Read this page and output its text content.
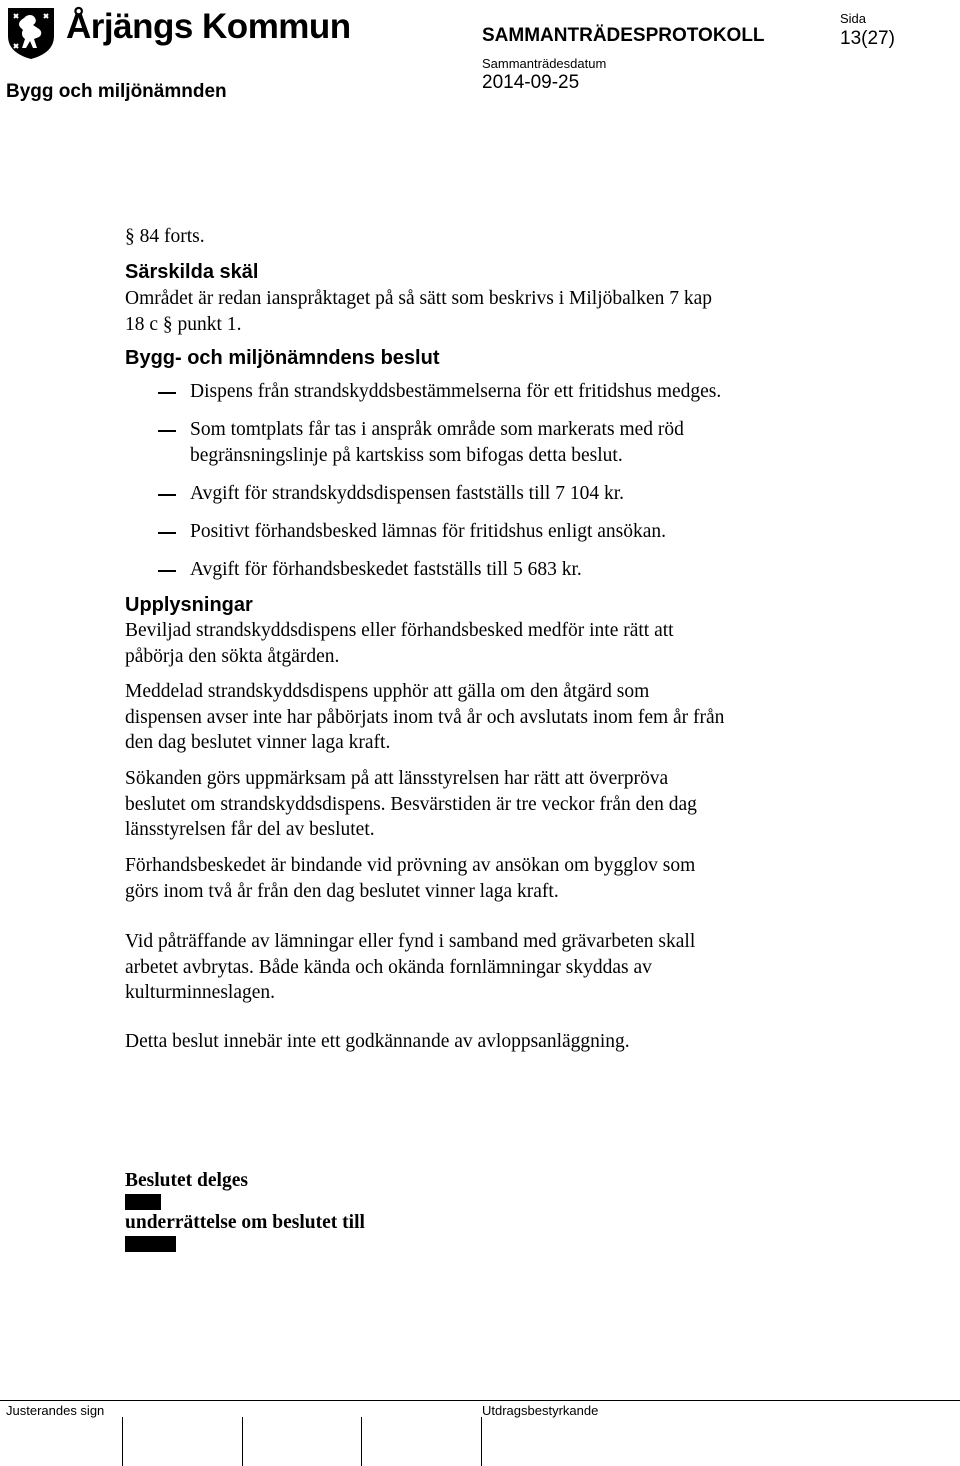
Årjängs Kommun
Bygg och miljönämnden
SAMMANTRÄDESPROTOKOLL
Sammanträdesdatum
2014-09-25
Sida
13(27)
§ 84 forts.
Särskilda skäl
Området är redan ianspråktaget på så sätt som beskrivs i Miljöbalken 7 kap
18 c § punkt 1.
Bygg- och miljönämndens beslut
Dispens från strandskyddsbestämmelserna för ett fritidshus medges.
Som tomtplats får tas i anspråk område som markerats med röd
begränsningslinje på kartskiss som bifogas detta beslut.
Avgift för strandskyddsdispensen fastställs till 7 104 kr.
Positivt förhandsbesked lämnas för fritidshus enligt ansökan.
Avgift för förhandsbeskedet fastställs till 5 683 kr.
Upplysningar
Beviljad strandskyddsdispens eller förhandsbesked medför inte rätt att
påbörja den sökta åtgärden.
Meddelad strandskyddsdispens upphör att gälla om den åtgärd som
dispensen avser inte har påbörjats inom två år och avslutats inom fem år från
den dag beslutet vinner laga kraft.
Sökanden görs uppmärksam på att länsstyrelsen har rätt att överpröva
beslutet om strandskyddsdispens. Besvärstiden är tre veckor från den dag
länsstyrelsen får del av beslutet.
Förhandsbeskedet är bindande vid prövning av ansökan om bygglov som
görs inom två år från den dag beslutet vinner laga kraft.
Vid påträffande av lämningar eller fynd i samband med grävarbeten skall
arbetet avbrytas. Både kända och okända fornlämningar skyddas av
kulturminneslagen.
Detta beslut innebär inte ett godkännande av avloppsanläggning.
Beslutet delges
underrättelse om beslutet till
Justerandes sign	Utdragsbestyrkande
